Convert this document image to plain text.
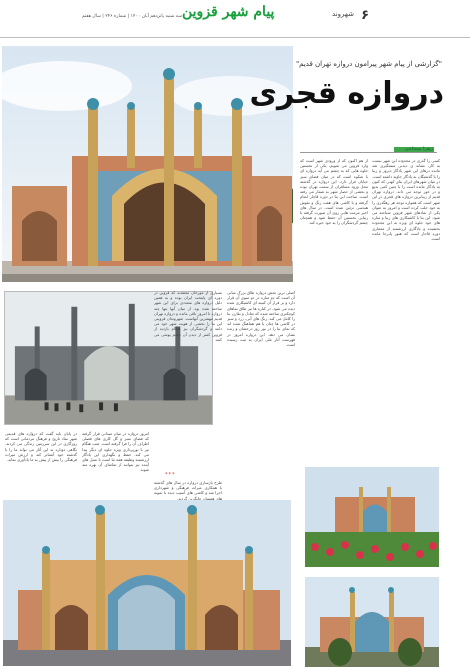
۶
شهروند
پیام شهر قزوین
سه شنبه پانزدهم آبان ۱۴۰۰ | شماره ۲۴۶ | سال هفتم
"گزارشی از پیام شهر پیرامون دروازه تهران قدیم"
دروازه قجری
زهرا شجاعی
کسی را گذری در محدوده این شهر نیست به کار، نشانه ی دیدنی سمتگیری شد مانده درهای این شهر یادگار دیروز و زیبا را با گذشتگان به یادگار جاوید داشته است. در میان شهرهای ایران بنای کهنی که کنون به یادگار مانده است را با چنین کمی بدیع و در خور توجه می داند. دروازه تهران قدیم از زیباترین دروازه های قجری در این شهر است که همواره توجه هر رهگذری را به خود جلب کرده است و امروز به عنوان یکی از نمادهای شهر قزوین شناخته می شود. این بنا با کاشیکاری های زیبا و مناره های خود جلوه ای ویژه به این محدوده بخشیده و یادگاری ارزشمند از معماری دوره قاجار است که هنوز پابرجا مانده است.
از هم اکنون که از ورودی شهر است که وارد قزوین می شویم، یکی از نخستین جلوه هایی که به چشم می آید دروازه ای با شکوه است که در میان فضای سبز خیابان قرار دارد. این دروازه در گذشته محل ورود مسافران از سمت تهران بوده و بخشی از حصار شهر به شمار می رفته است. ساخت این بنا در دوره قاجار انجام گرفته و با کاشی های هفت رنگ و نقوش هندسی تزئین شده است. در سال های اخیر مرمت هایی روی آن صورت گرفته تا زیبایی نخستین آن حفظ شود و همچنان چشم گردشگران را به خود خیره کند.
اصلی ترین بخش دروازه طاق بزرگ میانی آن است که دو مناره در دو سوی آن قرار دارد و بر فراز آن کتیبه ای کاشیکاری شده دیده می شود. در کناره ها نیز طاق نماهای کوچکتری ساخته شده که تعادل و تقارن بنا را کامل می کند. رنگ های آبی، زرد و سبز در کاشی ها چنان با هم هماهنگ شده اند که نمای بنا را در نور روز درخشان و زنده نشان می دهد. این دروازه امروز در فهرست آثار ملی ایران به ثبت رسیده است.
بسیاری از مورخان معتقدند که قزوین در دوره ای پایتخت ایران بوده و به همین دلیل دروازه های متعددی برای این شهر ساخته شده بود. از میان آنها تنها چند دروازه تا امروز باقی مانده و دروازه تهران قدیم مهمترین آنهاست. شهروندان قزوینی این بنا را بخشی از هویت شهر خود می دانند و گردشگران نیز هنگام بازدید از قزوین کمتر از دیدن آن چشم پوشی می کنند.
امروز دروازه در میان میدانی قرار گرفته که فضای سبز و گل کاری های فصلی اطراف آن را فرا گرفته است. شب هنگام نیز با نورپردازی ویژه جلوه ای دیگر پیدا می کند. حفظ و نگهداری این یادگار ارزشمند وظیفه همه ما است تا نسل های آینده نیز بتوانند از تماشای آن بهره مند شوند.
در پایان باید گفت که دروازه های قدیمی شهر نماد تاریخ و فرهنگ مردمانی است که روزگاری در این سرزمین زندگی می کردند. نگاهی دوباره به این آثار می تواند ما را با گذشته خود آشناتر کند و ارزش میراث فرهنگی را بیش از پیش به ما یادآوری نماید.
***
طرح بازسازی دروازه در سال های گذشته با همکاری میراث فرهنگی و شهرداری اجرا شد و کاشی های آسیب دیده با نمونه های همسان جایگزین گردید.
